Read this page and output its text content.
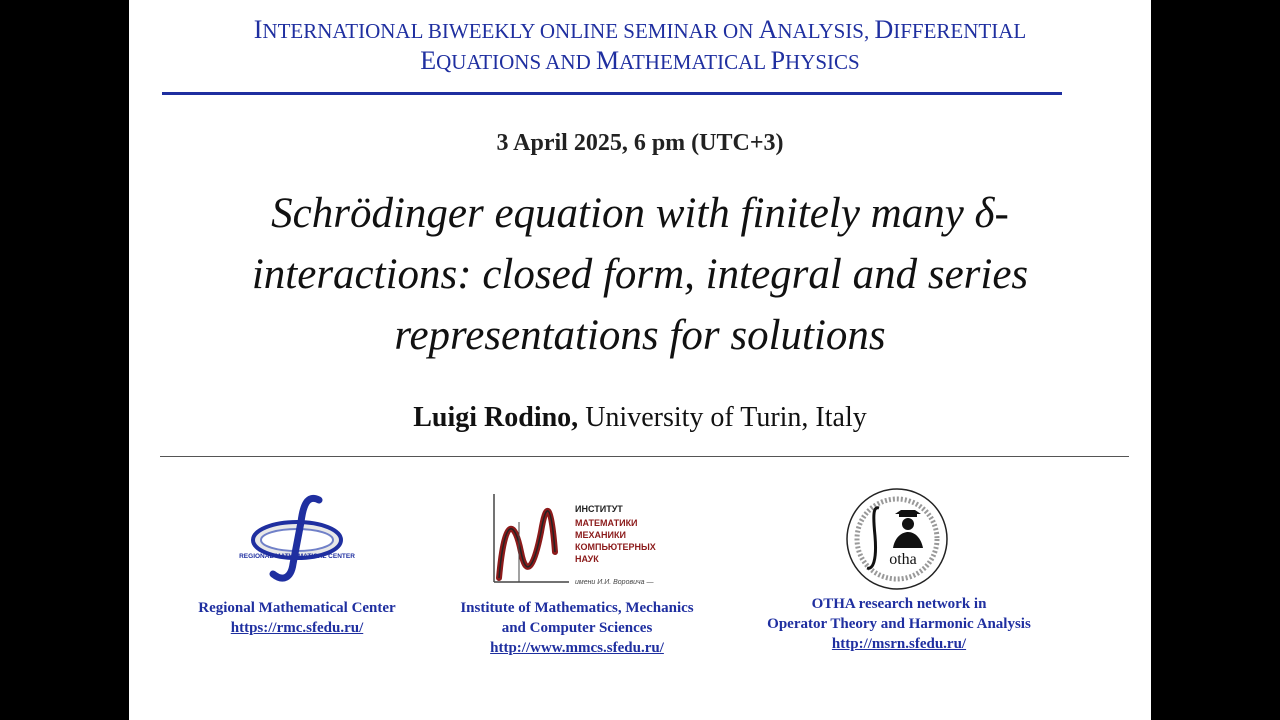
INTERNATIONAL BIWEEKLY ONLINE SEMINAR ON ANALYSIS, DIFFERENTIAL
EQUATIONS AND MATHEMATICAL PHYSICS
3 April 2025, 6 pm (UTC+3)
Schrödinger equation with finitely many δ-
interactions: closed form, integral and series
representations for solutions
Luigi Rodino, University of Turin, Italy
REGIONAL MATHEMATICAL CENTER
ИНСТИТУТ
МАТЕМАТИКИ
МЕХАНИКИ
КОМПЬЮТЕРНЫХ
НАУК
имени И.И. Воровича —
otha
Regional Mathematical Center
https://rmc.sfedu.ru/
Institute of Mathematics, Mechanics
and Computer Sciences
http://www.mmcs.sfedu.ru/
OTHA research network in
Operator Theory and Harmonic Analysis
http://msrn.sfedu.ru/
